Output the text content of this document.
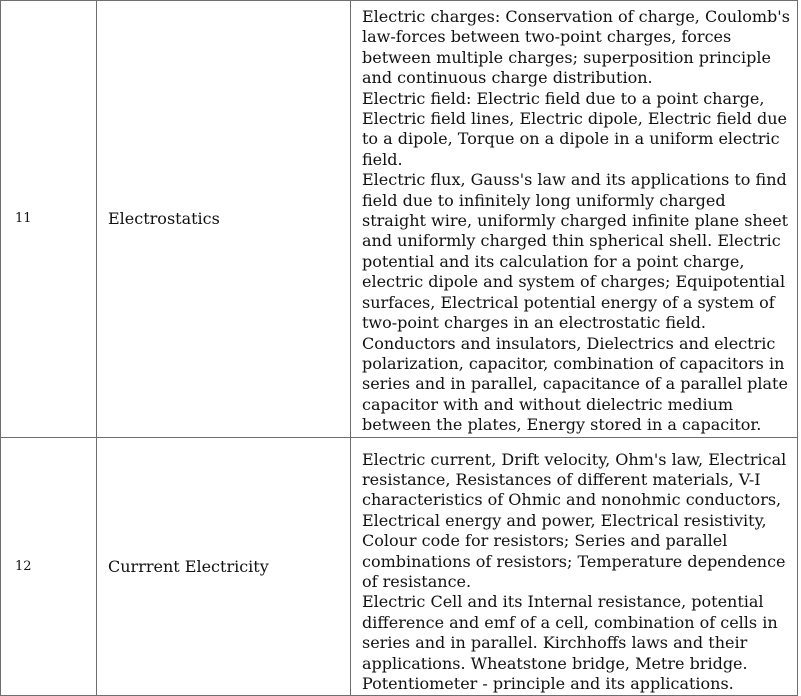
11	Electrostatics	Electric charges: Conservation of charge, Coulomb's law-forces between two-point charges, forces between multiple charges; superposition principle and continuous charge distribution.

Electric field: Electric field due to a point charge, Electric field lines, Electric dipole, Electric field due to a dipole, Torque on a dipole in a uniform electric field.

Electric flux, Gauss's law and its applications to find field due to infinitely long uniformly charged straight wire, uniformly charged infinite plane sheet and uniformly charged thin spherical shell. Electric potential and its calculation for a point charge, electric dipole and system of charges; Equipotential surfaces, Electrical potential energy of a system of two-point charges in an electrostatic field.

Conductors and insulators, Dielectrics and electric polarization, capacitor, combination of capacitors in series and in parallel, capacitance of a parallel plate capacitor with and without dielectric medium between the plates, Energy stored in a capacitor.

12	Currrent Electricity	Electric current, Drift velocity, Ohm's law, Electrical resistance, Resistances of different materials, V-I characteristics of Ohmic and nonohmic conductors, Electrical energy and power, Electrical resistivity, Colour code for resistors; Series and parallel combinations of resistors; Temperature dependence of resistance.

Electric Cell and its Internal resistance, potential difference and emf of a cell, combination of cells in series and in parallel. Kirchhoffs laws and their applications. Wheatstone bridge, Metre bridge.

Potentiometer - principle and its applications.
